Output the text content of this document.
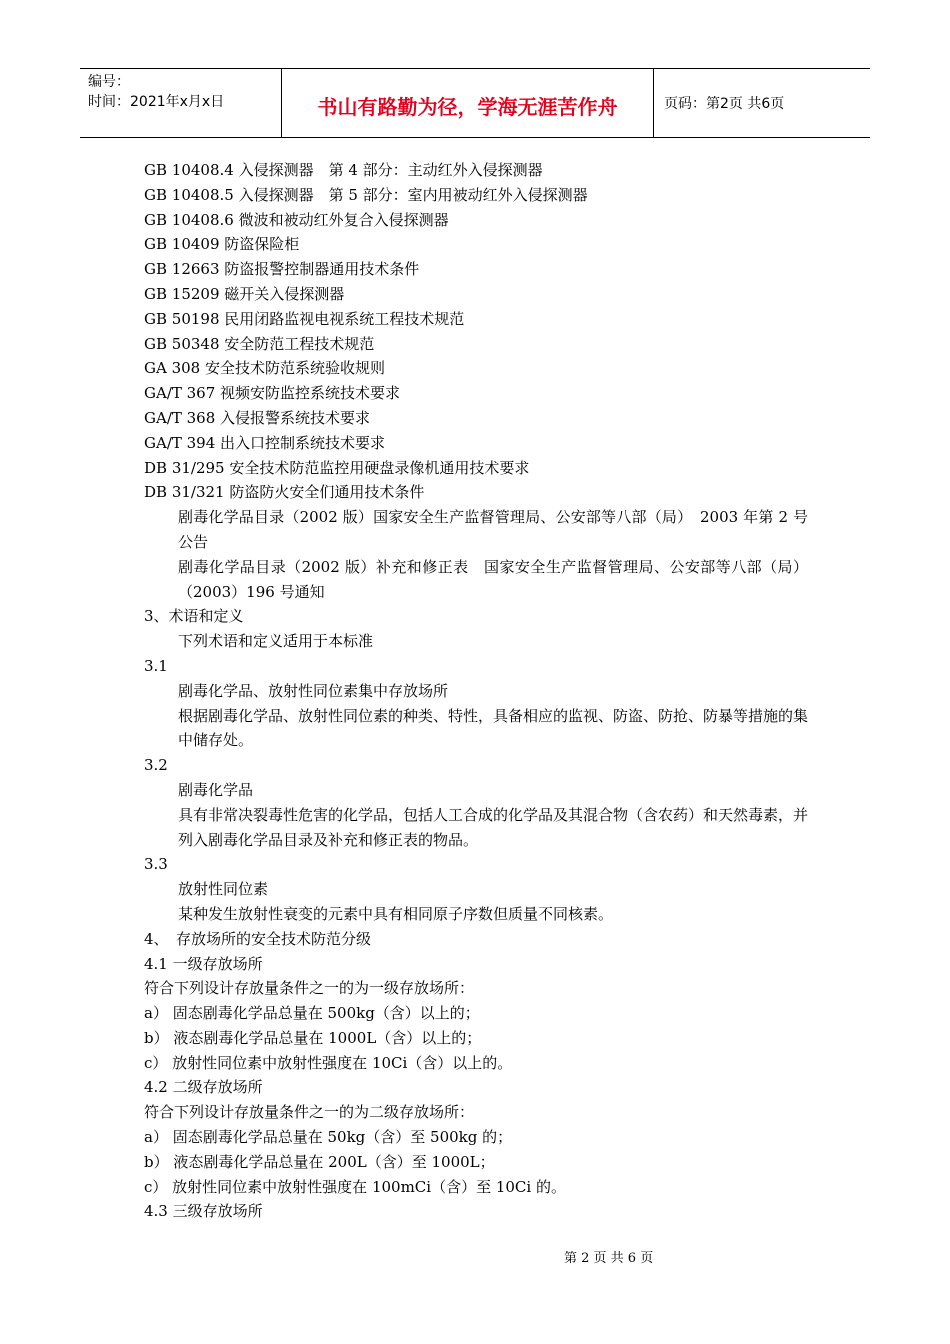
编号：
时间：2021年x月x日	书山有路勤为径，学海无涯苦作舟	页码：第2页 共6页
GB 10408.4 入侵探测器　第 4 部分：主动红外入侵探测器
GB 10408.5 入侵探测器　第 5 部分：室内用被动红外入侵探测器
GB 10408.6 微波和被动红外复合入侵探测器
GB 10409 防盗保险柜
GB 12663 防盗报警控制器通用技术条件
GB 15209 磁开关入侵探测器
GB 50198 民用闭路监视电视系统工程技术规范
GB 50348 安全防范工程技术规范
GA 308 安全技术防范系统验收规则
GA/T 367 视频安防监控系统技术要求
GA/T 368 入侵报警系统技术要求
GA/T 394 出入口控制系统技术要求
DB 31/295 安全技术防范监控用硬盘录像机通用技术要求
DB 31/321 防盗防火安全们通用技术条件
剧毒化学品目录（2002 版）国家安全生产监督管理局、公安部等八部（局）　2003 年第 2 号公告
剧毒化学品目录（2002 版）补充和修正表　国家安全生产监督管理局、公安部等八部（局）（2003）196 号通知
3、术语和定义
下列术语和定义适用于本标准
3.1
剧毒化学品、放射性同位素集中存放场所
根据剧毒化学品、放射性同位素的种类、特性，具备相应的监视、防盗、防抢、防暴等措施的集中储存处。
3.2
剧毒化学品
具有非常决裂毒性危害的化学品，包括人工合成的化学品及其混合物（含农药）和天然毒素，并列入剧毒化学品目录及补充和修正表的物品。
3.3
放射性同位素
某种发生放射性衰变的元素中具有相同原子序数但质量不同核素。
4、　存放场所的安全技术防范分级
4.1 一级存放场所
符合下列设计存放量条件之一的为一级存放场所：
a） 固态剧毒化学品总量在 500kg（含）以上的；
b） 液态剧毒化学品总量在 1000L（含）以上的；
c） 放射性同位素中放射性强度在 10Ci（含）以上的。
4.2 二级存放场所
符合下列设计存放量条件之一的为二级存放场所：
a） 固态剧毒化学品总量在 50kg（含）至 500kg 的；
b） 液态剧毒化学品总量在 200L（含）至 1000L；
c） 放射性同位素中放射性强度在 100mCi（含）至 10Ci 的。
4.3 三级存放场所
第 2 页 共 6 页
